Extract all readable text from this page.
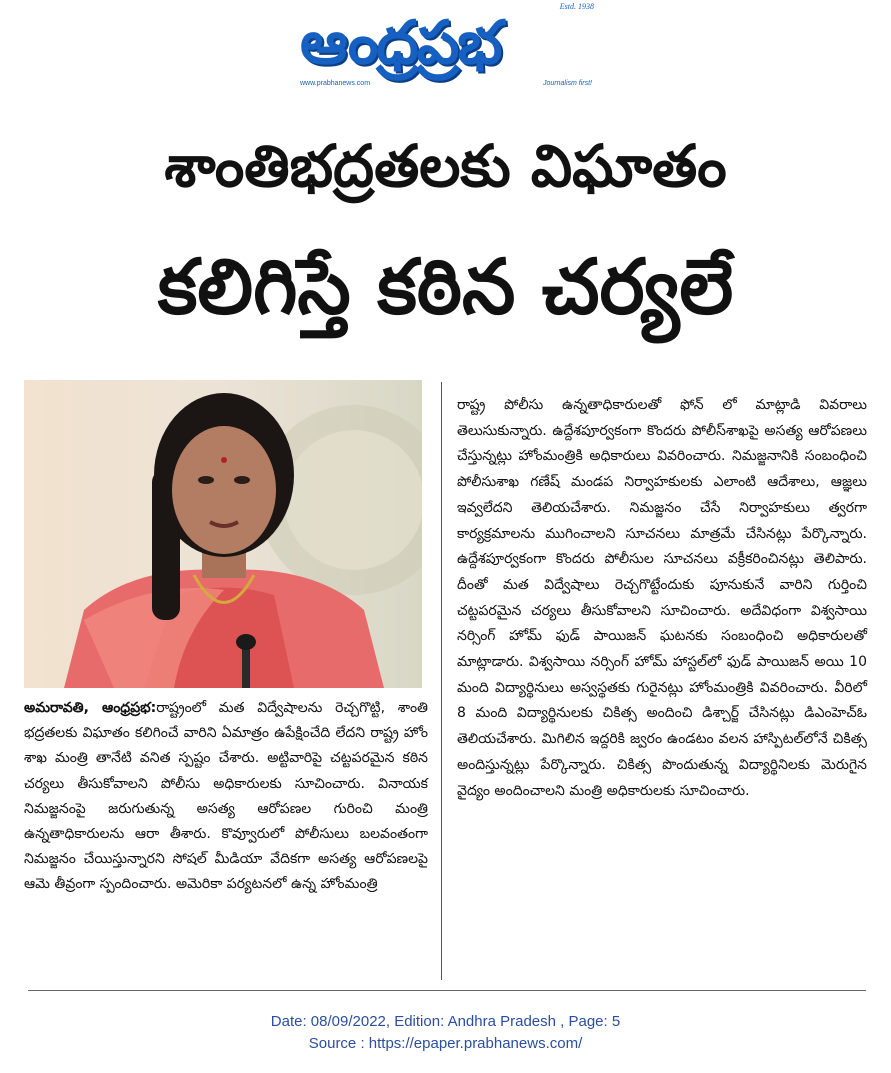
ఆంధ్రప్రభ
Estd. 1938
www.prabhanews.com	Journalism first!
శాంతిభద్రతలకు విఘాతం
కలిగిస్తే కఠిన చర్యలే
అమరావతి, ఆంధ్రప్రభ:రాష్ట్రంలో మత విద్వేషాలను రెచ్చగొట్టి, శాంతి భద్రతలకు విఘాతం కలిగించే వారిని ఏమాత్రం ఉపేక్షించేది లేదని రాష్ట్ర హోం శాఖ మంత్రి తానేటి వనిత స్పష్టం చేశారు. అట్టివారిపై చట్టపరమైన కఠిన చర్యలు తీసుకోవాలని పోలీసు అధికారులకు సూచించారు. వినాయక నిమజ్జనంపై జరుగుతున్న అసత్య ఆరోపణల గురించి మంత్రి ఉన్నతాధికారులను ఆరా తీశారు. కొవ్వూరులో పోలీసులు బలవంతంగా నిమజ్జనం చేయిస్తున్నారని సోషల్ మీడియా వేదికగా అసత్య ఆరోపణలపై ఆమె తీవ్రంగా స్పందించారు. అమెరికా పర్యటనలో ఉన్న హోంమంత్రి
రాష్ట్ర పోలీసు ఉన్నతాధికారులతో ఫోన్ లో మాట్లాడి వివరాలు తెలుసుకున్నారు. ఉద్దేశపూర్వకంగా కొందరు పోలీస్‌శాఖపై అసత్య ఆరోపణలు చేస్తున్నట్లు హోంమంత్రికి అధికారులు వివరించారు. నిమజ్జనానికి సంబంధించి పోలీసుశాఖ గణేష్ మండప నిర్వాహకులకు ఎలాంటి ఆదేశాలు, ఆజ్ఞలు ఇవ్వలేదని తెలియచేశారు. నిమజ్జనం చేసే నిర్వాహకులు త్వరగా కార్యక్రమాలను ముగించాలని సూచనలు మాత్రమే చేసినట్లు పేర్కొన్నారు. ఉద్దేశపూర్వకంగా కొందరు పోలీసుల సూచనలు వక్రీకరించినట్లు తెలిపారు. దీంతో మత విద్వేషాలు రెచ్చగొట్టేందుకు పూనుకునే వారిని గుర్తించి చట్టపరమైన చర్యలు తీసుకోవాలని సూచించారు. అదేవిధంగా విశ్వసాయి నర్సింగ్ హోమ్ ఫుడ్ పాయిజన్ ఘటనకు సంబంధించి అధికారులతో మాట్లాడారు. విశ్వసాయి నర్సింగ్ హోమ్ హాస్టల్‌లో ఫుడ్ పాయిజన్ అయి 10 మంది విద్యార్థినులు అస్వస్థతకు గురైనట్లు హోంమంత్రికి వివరించారు. వీరిలో 8 మంది విద్యార్థినులకు చికిత్స అందించి డిశ్చార్జ్ చేసినట్లు డిఎంహెచ్ఓ తెలియచేశారు. మిగిలిన ఇద్దరికి జ్వరం ఉండటం వలన హాస్పిటల్‌లోనే చికిత్స అందిస్తున్నట్లు పేర్కొన్నారు. చికిత్స పొందుతున్న విద్యార్థినిలకు మెరుగైన వైద్యం అందించాలని మంత్రి అధికారులకు సూచించారు.
Date: 08/09/2022, Edition: Andhra Pradesh , Page: 5
Source : https://epaper.prabhanews.com/
